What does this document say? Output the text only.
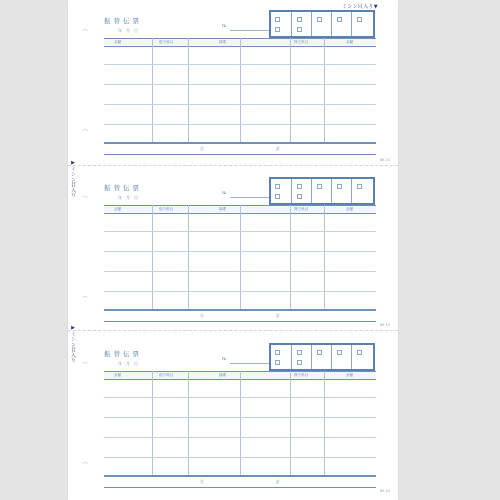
ミシン目入り▼
▶ミシン目入り
▶ミシン目入り
⌒
振替伝票
年月日
№
金額	借方科目	摘要	貸方科目	金額
⌒
合	計
60-10
⌒
振替伝票
年月日
№
金額	借方科目	摘要	貸方科目	金額
⌒
合	計
60-10
⌒
振替伝票
年月日
№
金額	借方科目	摘要	貸方科目	金額
⌒
合	計
60-10
